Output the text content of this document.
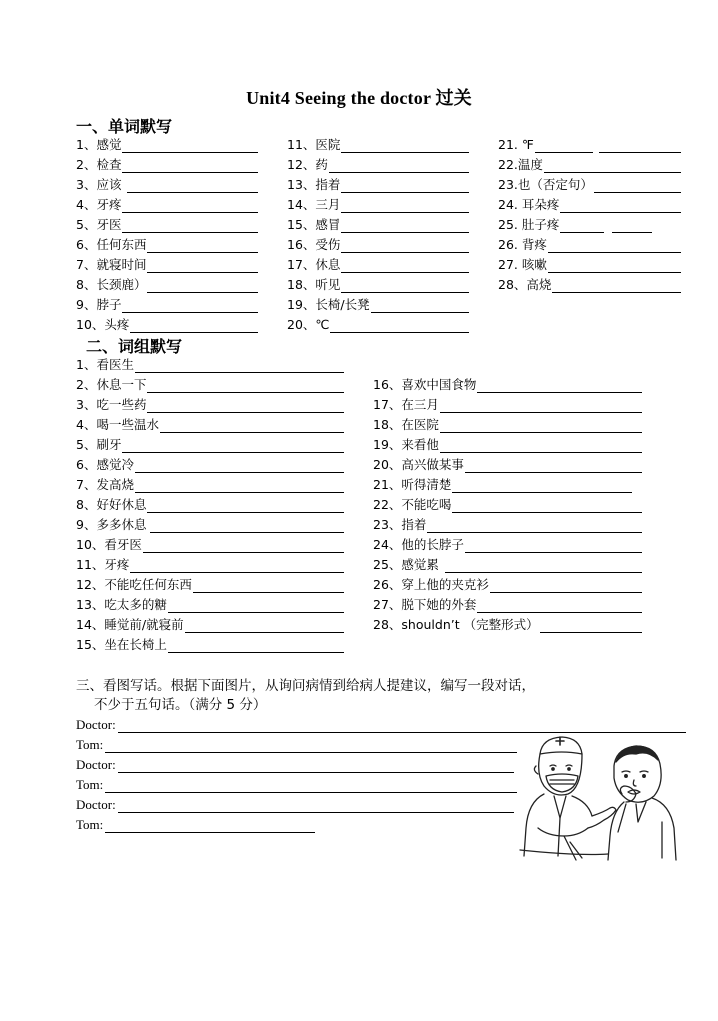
Unit4 Seeing the doctor 过关
一、单词默写
1、感觉
2、检查
3、应该
4、牙疼
5、牙医
6、任何东西
7、就寝时间
8、长颈鹿）
9、脖子
10、头疼
11、医院
12、药
13、指着
14、三月
15、感冒
16、受伤
17、休息
18、听见
19、长椅/长凳
20、℃
21. ℉
22.温度
23.也（否定句）
24. 耳朵疼
25. 肚子疼
26. 背疼
27. 咳嗽
28、高烧
二、词组默写
1、看医生
2、休息一下
3、吃一些药
4、喝一些温水
5、刷牙
6、感觉冷
7、发高烧
8、好好休息
9、多多休息
10、看牙医
11、牙疼
12、不能吃任何东西
13、吃太多的糖
14、睡觉前/就寝前
15、坐在长椅上
16、喜欢中国食物
17、在三月
18、在医院
19、来看他
20、高兴做某事
21、听得清楚
22、不能吃喝
23、指着
24、他的长脖子
25、感觉累
26、穿上他的夹克衫
27、脱下她的外套
28、shouldn’t （完整形式）
三、看图写话。根据下面图片，从询问病情到给病人提建议，编写一段对话，
不少于五句话。（满分 5 分）
Doctor:
Tom:
Doctor:
Tom:
Doctor:
Tom:
